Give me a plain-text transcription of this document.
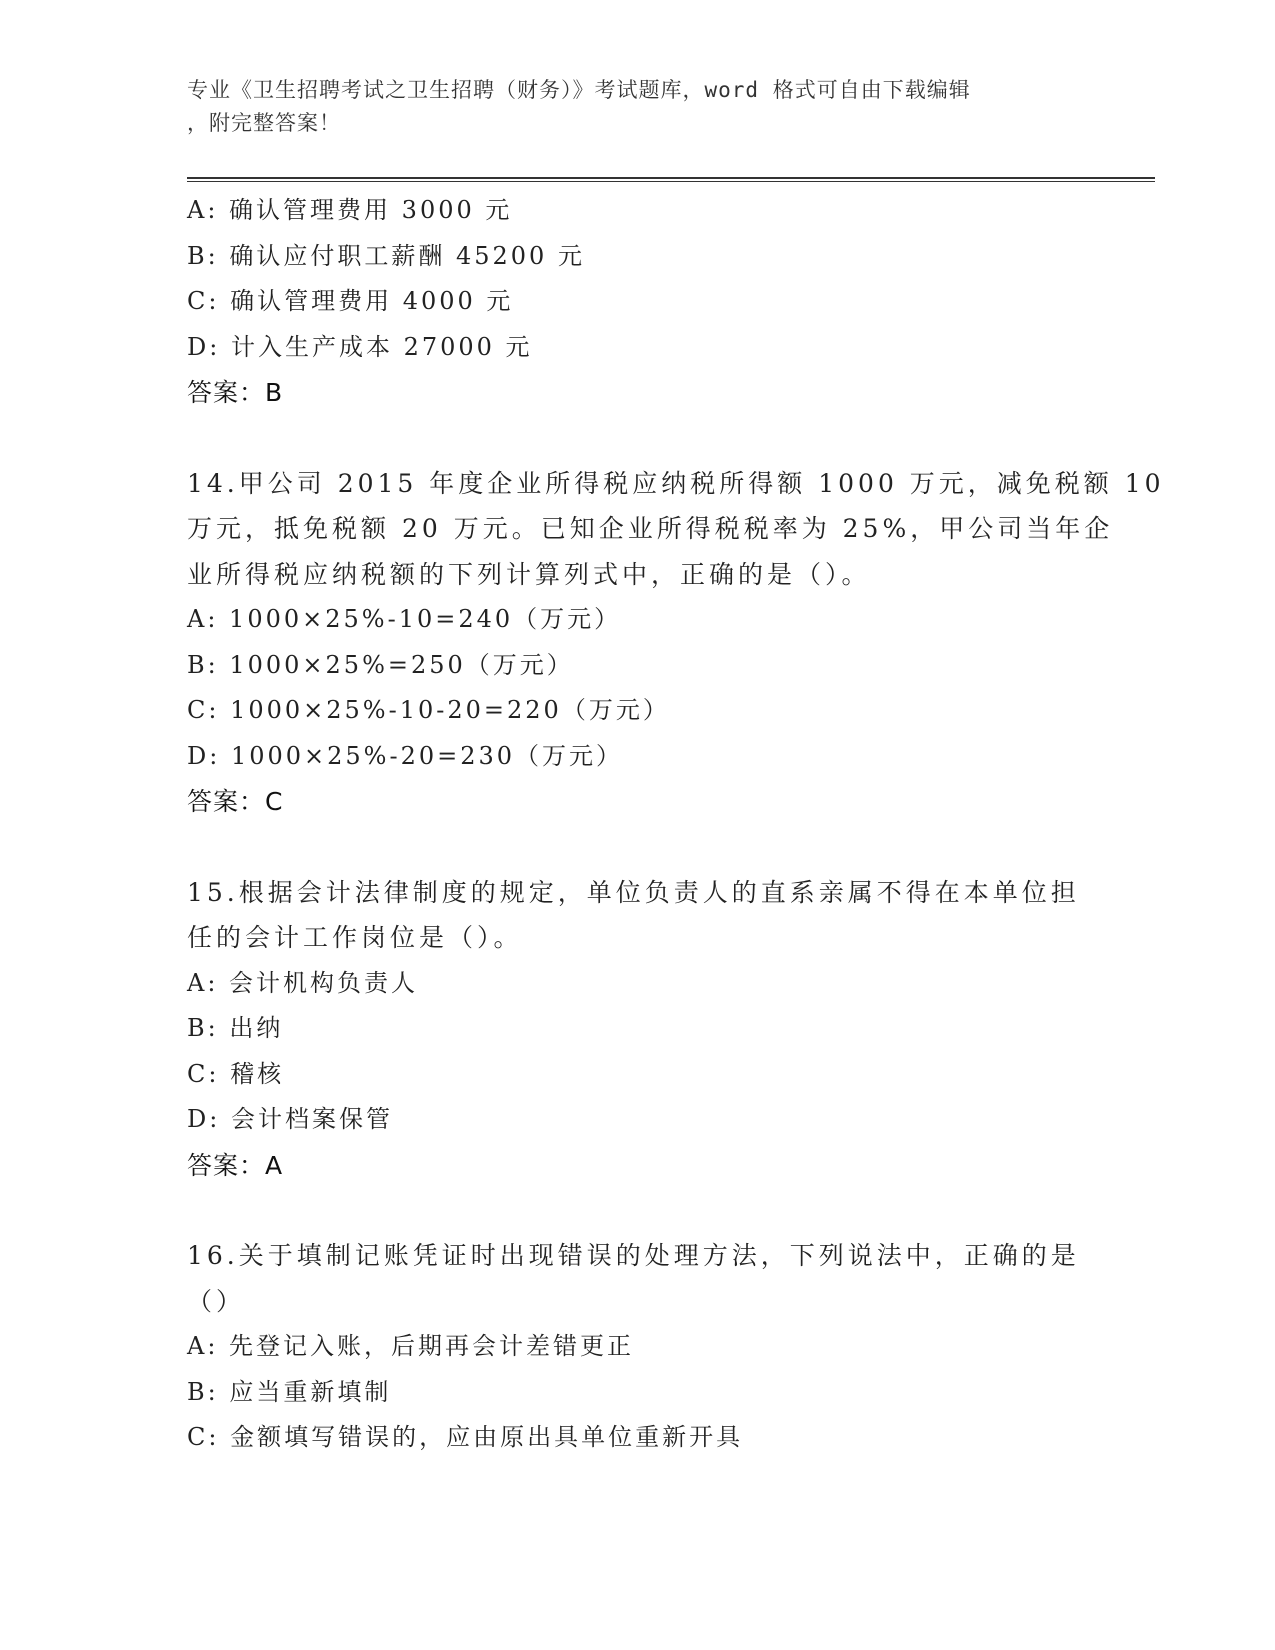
专业《卫生招聘考试之卫生招聘（财务）》考试题库，word 格式可自由下载编辑
，附完整答案！
A: 确认管理费用 3000 元
B: 确认应付职工薪酬 45200 元
C: 确认管理费用 4000 元
D: 计入生产成本 27000 元
答案：B
14.甲公司 2015 年度企业所得税应纳税所得额 1000 万元，减免税额 10
万元，抵免税额 20 万元。已知企业所得税税率为 25%，甲公司当年企
业所得税应纳税额的下列计算列式中，正确的是（）。
A: 1000×25%-10=240（万元）
B: 1000×25%=250（万元）
C: 1000×25%-10-20=220（万元）
D: 1000×25%-20=230（万元）
答案：C
15.根据会计法律制度的规定，单位负责人的直系亲属不得在本单位担
任的会计工作岗位是（）。
A: 会计机构负责人
B: 出纳
C: 稽核
D: 会计档案保管
答案：A
16.关于填制记账凭证时出现错误的处理方法，下列说法中，正确的是
（）
A: 先登记入账，后期再会计差错更正
B: 应当重新填制
C: 金额填写错误的，应由原出具单位重新开具
